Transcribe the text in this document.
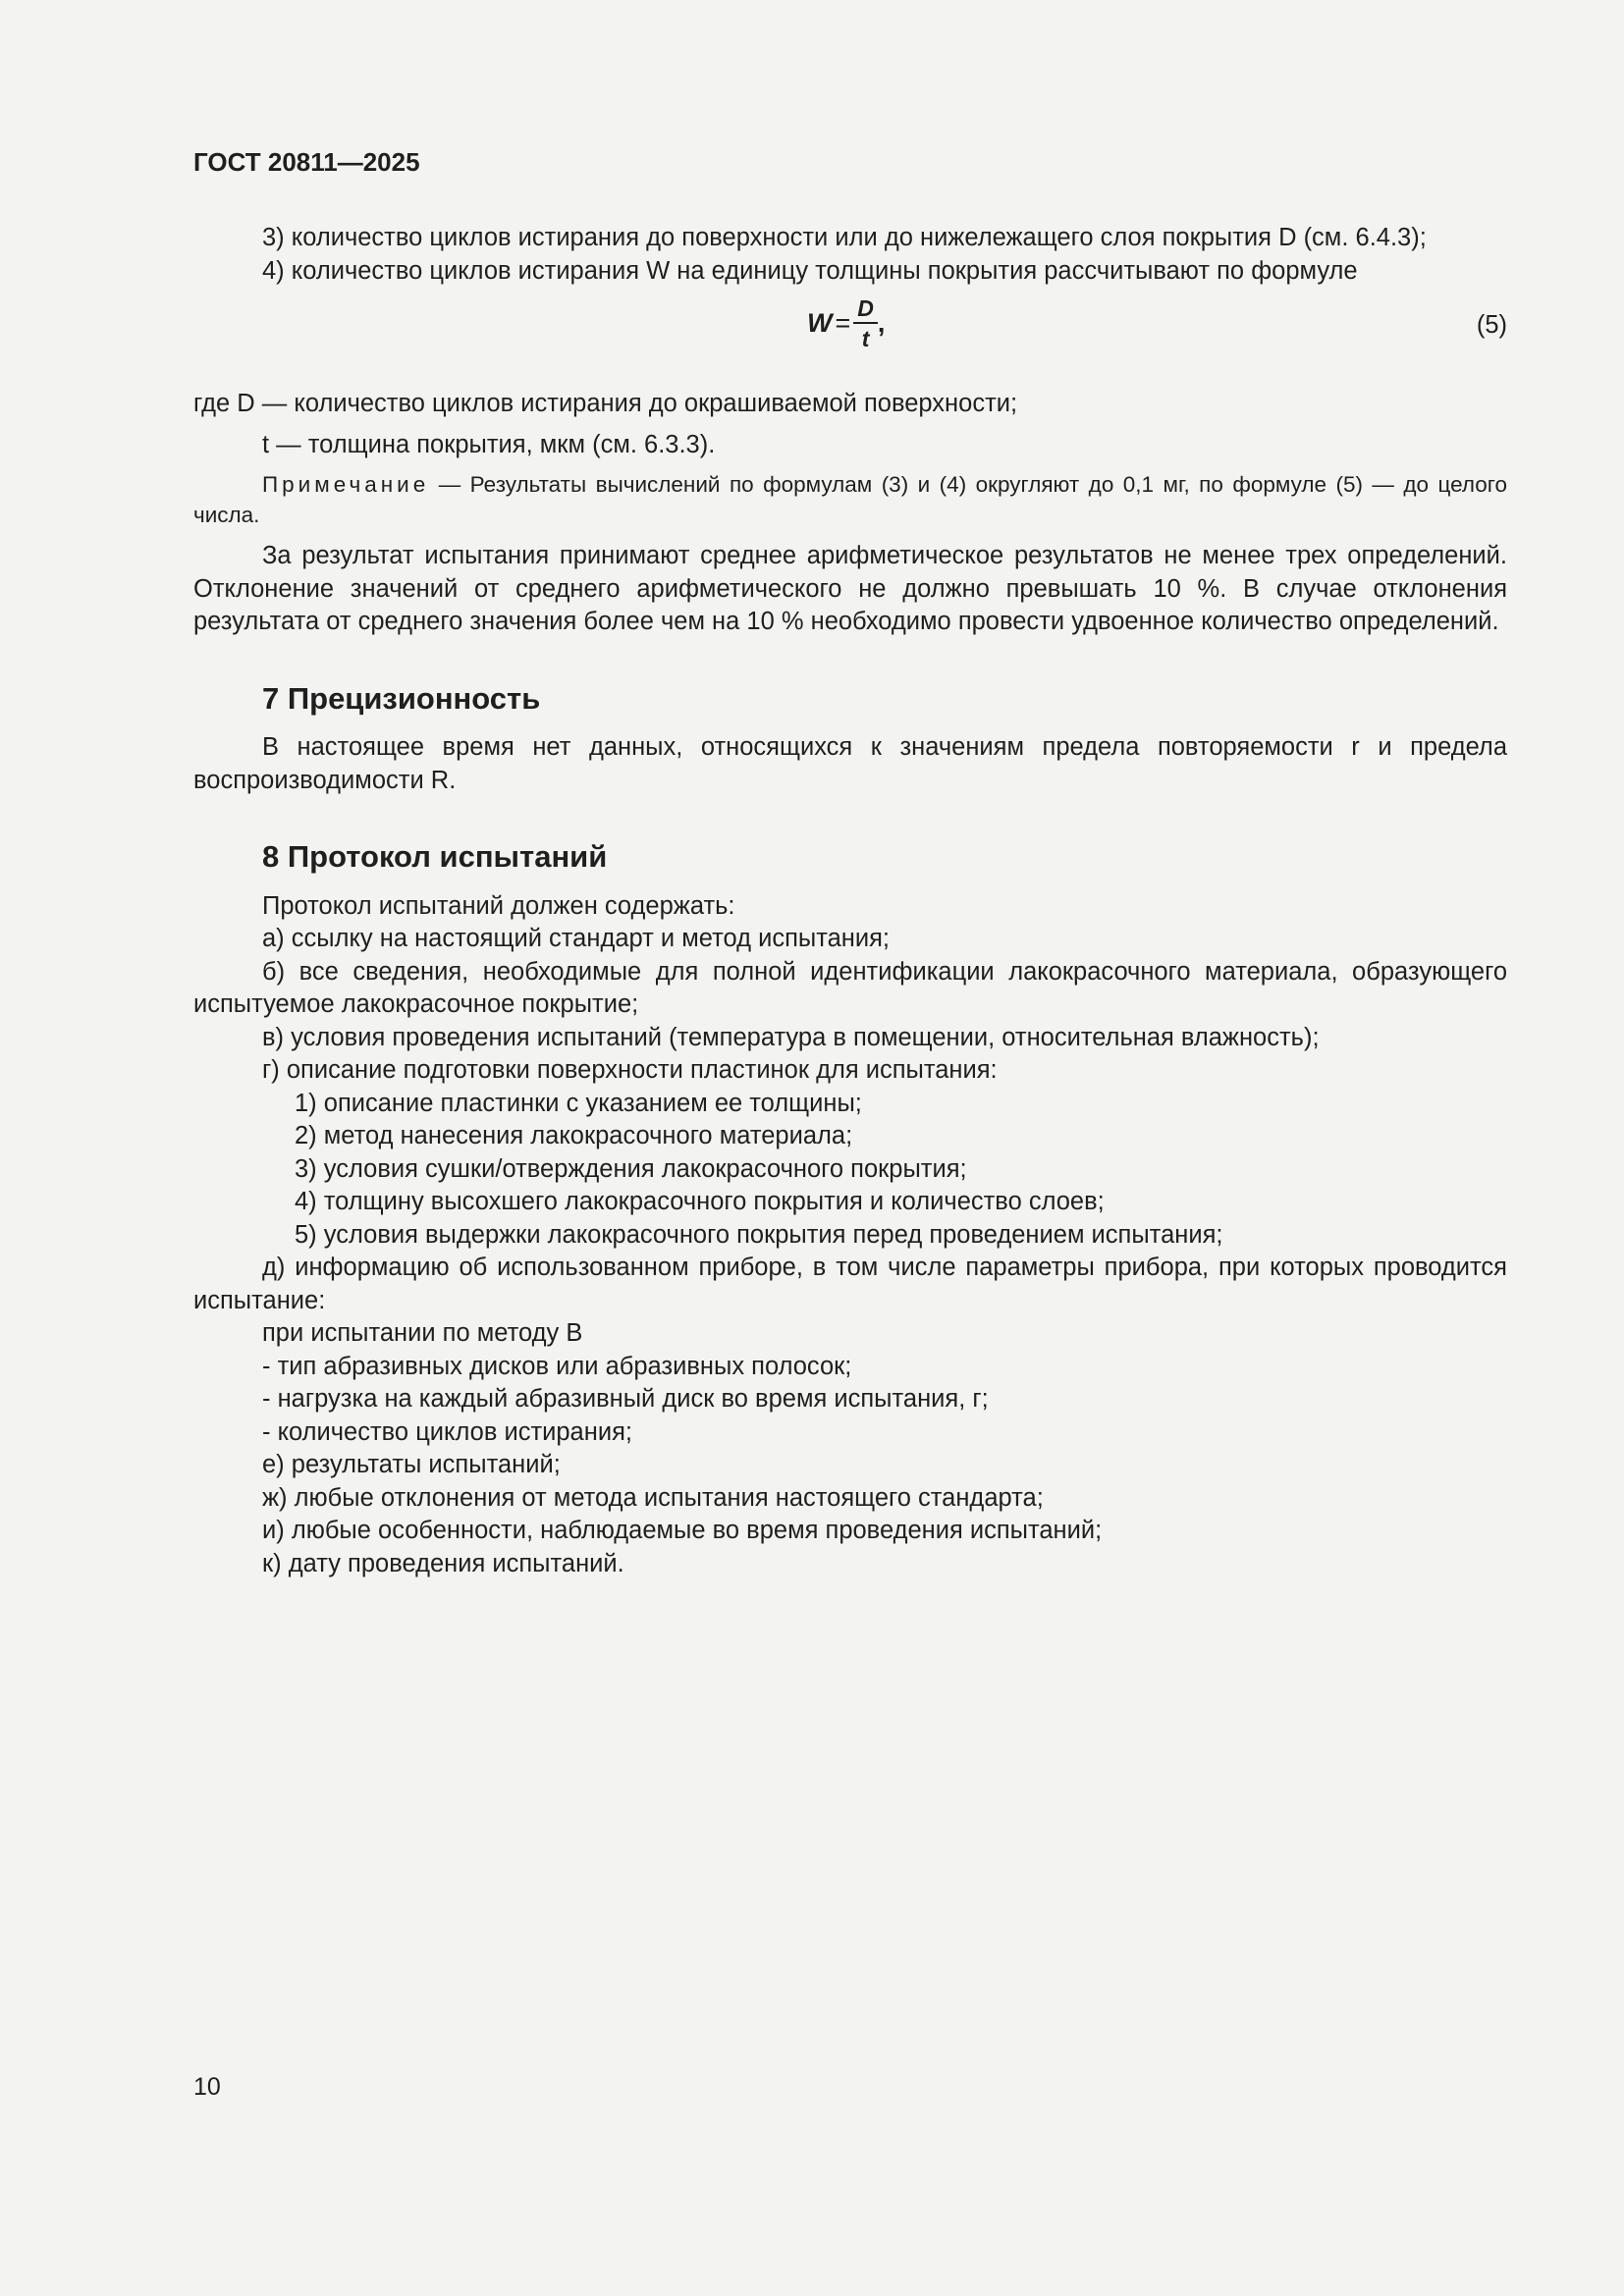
ГОСТ 20811—2025

3) количество циклов истирания до поверхности или до нижележащего слоя покрытия D (см. 6.4.3);

4) количество циклов истирания W на единицу толщины покрытия рассчитывают по формуле

$W = \frac{D}{t}$ ,	(5)

где D — количество циклов истирания до окрашиваемой поверхности;

t — толщина покрытия, мкм (см. 6.3.3).

Примечание — Результаты вычислений по формулам (3) и (4) округляют до 0,1 мг, по формуле (5) — до целого числа.

За результат испытания принимают среднее арифметическое результатов не менее трех определений. Отклонение значений от среднего арифметического не должно превышать 10 %. В случае отклонения результата от среднего значения более чем на 10 % необходимо провести удвоенное количество определений.

7 Прецизионность

В настоящее время нет данных, относящихся к значениям предела повторяемости r и предела воспроизводимости R.

8 Протокол испытаний

Протокол испытаний должен содержать:

а) ссылку на настоящий стандарт и метод испытания;

б) все сведения, необходимые для полной идентификации лакокрасочного материала, образующего испытуемое лакокрасочное покрытие;

в) условия проведения испытаний (температура в помещении, относительная влажность);

г) описание подготовки поверхности пластинок для испытания:

1) описание пластинки с указанием ее толщины;

2) метод нанесения лакокрасочного материала;

3) условия сушки/отверждения лакокрасочного покрытия;

4) толщину высохшего лакокрасочного покрытия и количество слоев;

5) условия выдержки лакокрасочного покрытия перед проведением испытания;

д) информацию об использованном приборе, в том числе параметры прибора, при которых проводится испытание:

при испытании по методу В

- тип абразивных дисков или абразивных полосок;

- нагрузка на каждый абразивный диск во время испытания, г;

- количество циклов истирания;

е) результаты испытаний;

ж) любые отклонения от метода испытания настоящего стандарта;

и) любые особенности, наблюдаемые во время проведения испытаний;

к) дату проведения испытаний.

10
